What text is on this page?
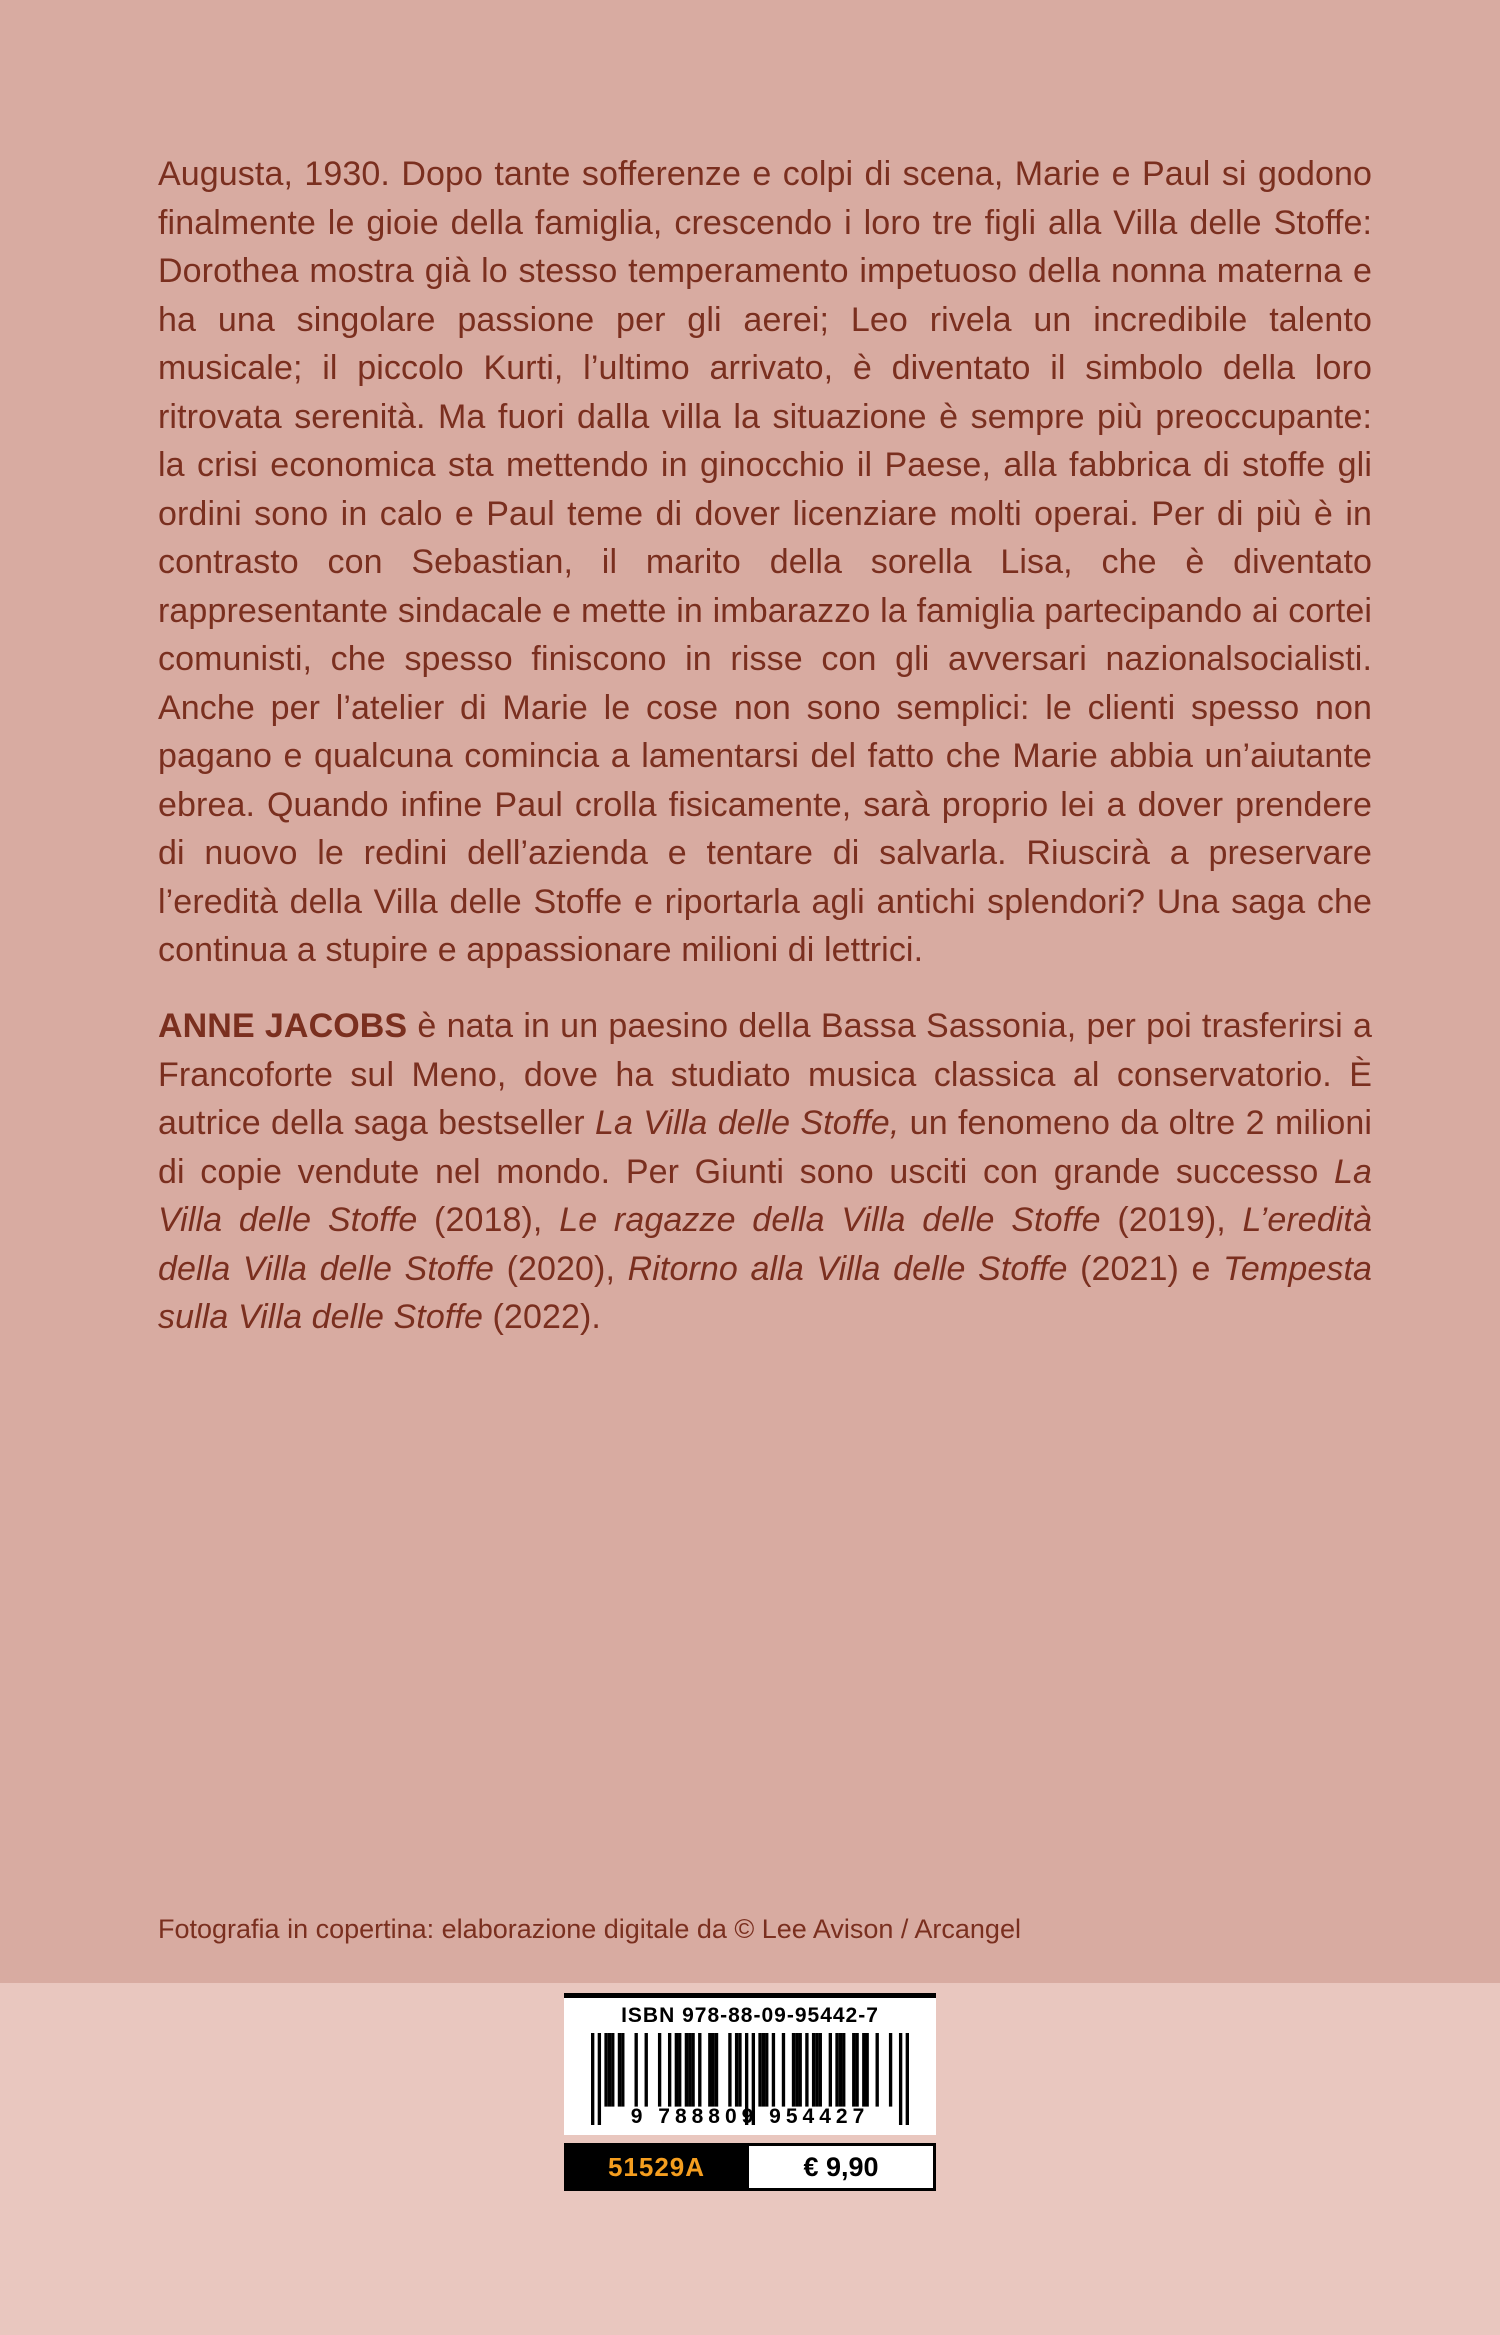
Augusta, 1930. Dopo tante sofferenze e colpi di scena, Marie e Paul si godono finalmente le gioie della famiglia, crescendo i loro tre figli alla Villa delle Stoffe: Dorothea mostra già lo stesso temperamento impetuoso della nonna materna e ha una singolare passione per gli aerei; Leo rivela un incredibile talento musicale; il piccolo Kurti, l’ultimo arrivato, è diventato il simbolo della loro ritrovata serenità. Ma fuori dalla villa la situazione è sempre più preoccupante: la crisi economica sta mettendo in ginocchio il Paese, alla fabbrica di stoffe gli ordini sono in calo e Paul teme di dover licenziare molti operai. Per di più è in contrasto con Sebastian, il marito della sorella Lisa, che è diventato rappresentante sindacale e mette in imbarazzo la famiglia partecipando ai cortei comunisti, che spesso finiscono in risse con gli avversari nazionalsocialisti. Anche per l’atelier di Marie le cose non sono semplici: le clienti spesso non pagano e qualcuna comincia a lamentarsi del fatto che Marie abbia un’aiutante ebrea. Quando infine Paul crolla fisicamente, sarà proprio lei a dover prendere di nuovo le redini dell’azienda e tentare di salvarla. Riuscirà a preservare l’eredità della Villa delle Stoffe e riportarla agli antichi splendori? Una saga che continua a stupire e appassionare milioni di lettrici.

ANNE JACOBS è nata in un paesino della Bassa Sassonia, per poi trasferirsi a Francoforte sul Meno, dove ha studiato musica classica al conservatorio. È autrice della saga bestseller La Villa delle Stoffe, un fenomeno da oltre 2 milioni di copie vendute nel mondo. Per Giunti sono usciti con grande successo La Villa delle Stoffe (2018), Le ragazze della Villa delle Stoffe (2019), L’eredità della Villa delle Stoffe (2020), Ritorno alla Villa delle Stoffe (2021) e Tempesta sulla Villa delle Stoffe (2022).

Fotografia in copertina: elaborazione digitale da © Lee Avison / Arcangel

ISBN 978-88-09-95442-7
9 788809 954427
51529A	€ 9,90
